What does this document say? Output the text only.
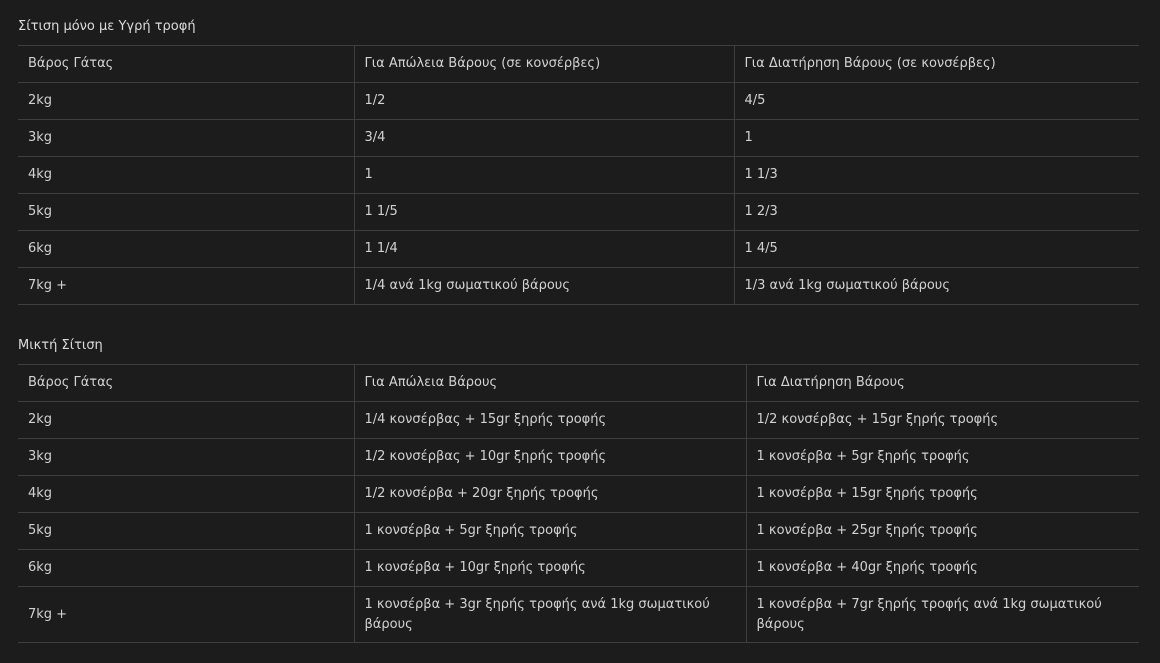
Σίτιση μόνο με Υγρή τροφή
Βάρος Γάτας	Για Απώλεια Βάρους (σε κονσέρβες)	Για Διατήρηση Βάρους (σε κονσέρβες)
2kg	1/2	4/5
3kg	3/4	1
4kg	1	1 1/3
5kg	1 1/5	1 2/3
6kg	1 1/4	1 4/5
7kg +	1/4 ανά 1kg σωματικού βάρους	1/3 ανά 1kg σωματικού βάρους
Μικτή Σίτιση
Βάρος Γάτας	Για Απώλεια Βάρους	Για Διατήρηση Βάρους
2kg	1/4 κονσέρβας + 15gr ξηρής τροφής	1/2 κονσέρβας + 15gr ξηρής τροφής
3kg	1/2 κονσέρβας + 10gr ξηρής τροφής	1 κονσέρβα + 5gr ξηρής τροφής
4kg	1/2 κονσέρβα + 20gr ξηρής τροφής	1 κονσέρβα + 15gr ξηρής τροφής
5kg	1 κονσέρβα + 5gr ξηρής τροφής	1 κονσέρβα + 25gr ξηρής τροφής
6kg	1 κονσέρβα + 10gr ξηρής τροφής	1 κονσέρβα + 40gr ξηρής τροφής
7kg +	1 κονσέρβα + 3gr ξηρής τροφής ανά 1kg σωματικού βάρους	1 κονσέρβα + 7gr ξηρής τροφής ανά 1kg σωματικού βάρους
